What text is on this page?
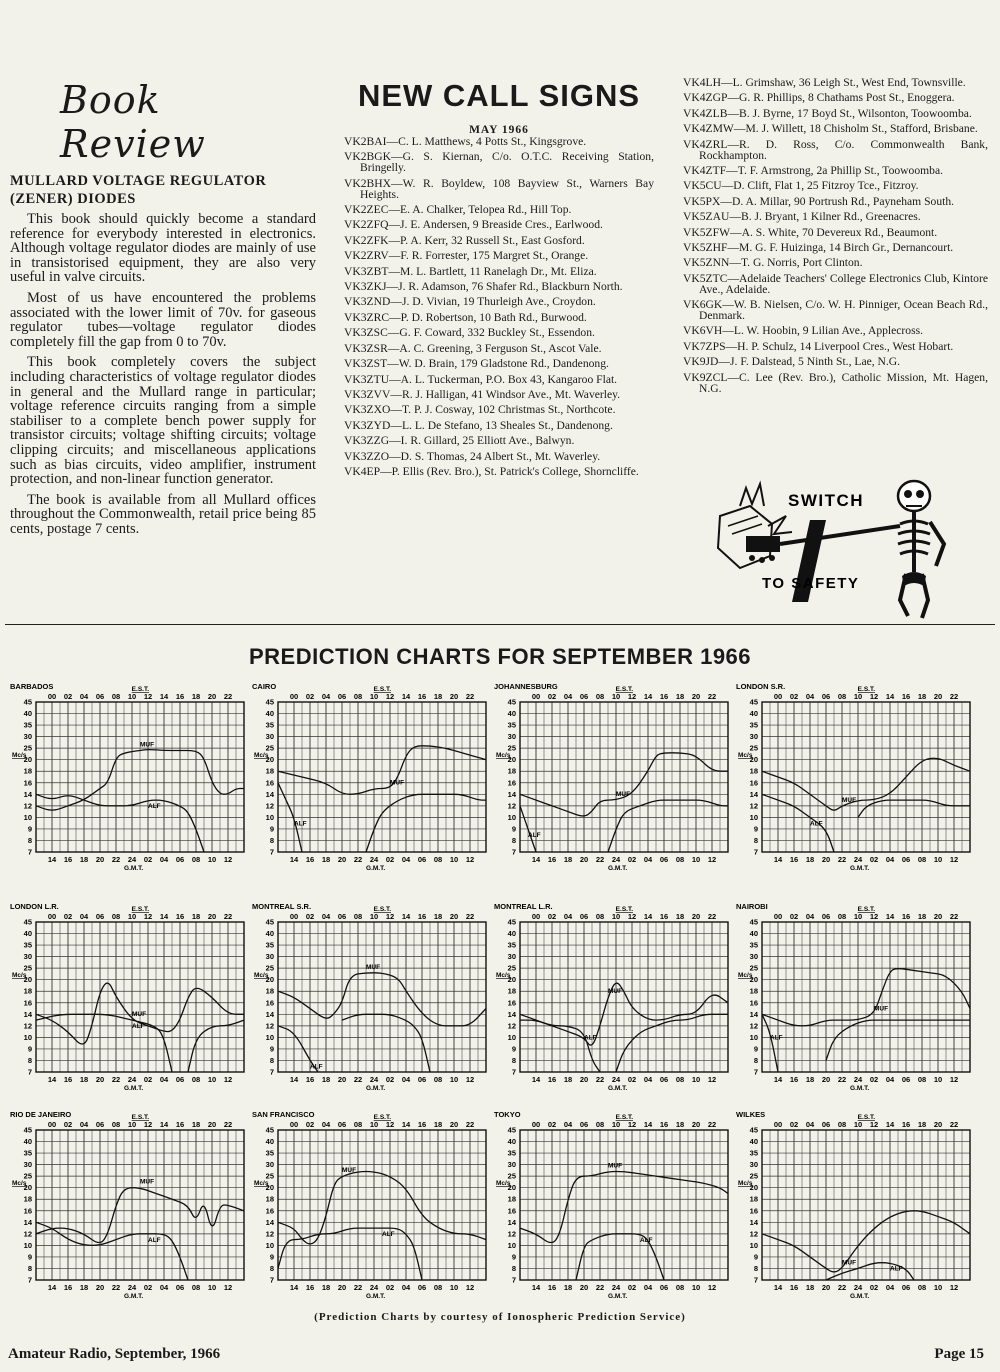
Book Review
MULLARD VOLTAGE REGULATOR (ZENER) DIODES

This book should quickly become a standard reference for everybody interested in electronics. Although voltage regulator diodes are mainly of use in transistorised equipment, they are also very useful in valve circuits.

Most of us have encountered the problems associated with the lower limit of 70v. for gaseous regulator tubes—voltage regulator diodes completely fill the gap from 0 to 70v.

This book completely covers the subject including characteristics of voltage regulator diodes in general and the Mullard range in particular; voltage reference circuits ranging from a simple stabiliser to a complete bench power supply for transistor circuits; voltage shifting circuits; voltage clipping circuits; and miscellaneous applications such as bias circuits, video amplifier, instrument protection, and non-linear function generator.

The book is available from all Mullard offices throughout the Commonwealth, retail price being 85 cents, postage 7 cents.

NEW CALL SIGNS
MAY 1966
VK2BAI—C. L. Matthews, 4 Potts St., Kingsgrove.
VK2BGK—G. S. Kiernan, C/o. O.T.C. Receiving Station, Bringelly.
VK2BHX—W. R. Boyldew, 108 Bayview St., Warners Bay Heights.
VK2ZEC—E. A. Chalker, Telopea Rd., Hill Top.
VK2ZFQ—J. E. Andersen, 9 Breaside Cres., Earlwood.
VK2ZFK—P. A. Kerr, 32 Russell St., East Gosford.
VK2ZRV—F. R. Forrester, 175 Margret St., Orange.
VK3ZBT—M. L. Bartlett, 11 Ranelagh Dr., Mt. Eliza.
VK3ZKJ—J. R. Adamson, 76 Shafer Rd., Blackburn North.
VK3ZND—J. D. Vivian, 19 Thurleigh Ave., Croydon.
VK3ZRC—P. D. Robertson, 10 Bath Rd., Burwood.
VK3ZSC—G. F. Coward, 332 Buckley St., Essendon.
VK3ZSR—A. C. Greening, 3 Ferguson St., Ascot Vale.
VK3ZST—W. D. Brain, 179 Gladstone Rd., Dandenong.
VK3ZTU—A. L. Tuckerman, P.O. Box 43, Kangaroo Flat.
VK3ZVV—R. J. Halligan, 41 Windsor Ave., Mt. Waverley.
VK3ZXO—T. P. J. Cosway, 102 Christmas St., Northcote.
VK3ZYD—L. L. De Stefano, 13 Sheales St., Dandenong.
VK3ZZG—I. R. Gillard, 25 Elliott Ave., Balwyn.
VK3ZZO—D. S. Thomas, 24 Albert St., Mt. Waverley.
VK4EP—P. Ellis (Rev. Bro.), St. Patrick's College, Shorncliffe.
VK4LH—L. Grimshaw, 36 Leigh St., West End, Townsville.
VK4ZGP—G. R. Phillips, 8 Chathams Post St., Enoggera.
VK4ZLB—B. J. Byrne, 17 Boyd St., Wilsonton, Toowoomba.
VK4ZMW—M. J. Willett, 18 Chisholm St., Stafford, Brisbane.
VK4ZRL—R. D. Ross, C/o. Commonwealth Bank, Rockhampton.
VK4ZTF—T. F. Armstrong, 2a Phillip St., Toowoomba.
VK5CU—D. Clift, Flat 1, 25 Fitzroy Tce., Fitzroy.
VK5PX—D. A. Millar, 90 Portrush Rd., Payneham South.
VK5ZAU—B. J. Bryant, 1 Kilner Rd., Greenacres.
VK5ZFW—A. S. White, 70 Devereux Rd., Beaumont.
VK5ZHF—M. G. F. Huizinga, 14 Birch Gr., Dernancourt.
VK5ZNN—T. G. Norris, Port Clinton.
VK5ZTC—Adelaide Teachers' College Electronics Club, Kintore Ave., Adelaide.
VK6GK—W. B. Nielsen, C/o. W. H. Pinniger, Ocean Beach Rd., Denmark.
VK6VH—L. W. Hoobin, 9 Lilian Ave., Applecross.
VK7ZPS—H. P. Schulz, 14 Liverpool Cres., West Hobart.
VK9JD—J. F. Dalstead, 5 Ninth St., Lae, N.G.
VK9ZCL—C. Lee (Rev. Bro.), Catholic Mission, Mt. Hagen, N.G.
SWITCH
TO SAFETY
PREDICTION CHARTS FOR SEPTEMBER 1966
BARBADOS	E.S.T.
45
40
35
30
25
20
18
16
14
12
10
9
8
7
Mc/s
00 02 04 06 08 10 12 14 16 18 20 22
14 16 18 20 22 24 02 04 06 08 10 12
G.M.T.
MUF
ALF
CAIRO	E.S.T.
45
40
35
30
25
20
18
16
14
12
10
9
8
7
Mc/s
00 02 04 06 08 10 12 14 16 18 20 22
14 16 18 20 22 24 02 04 06 08 10 12
G.M.T.
MUF
ALF
JOHANNESBURG	E.S.T.
45
40
35
30
25
20
18
16
14
12
10
9
8
7
Mc/s
00 02 04 06 08 10 12 14 16 18 20 22
14 16 18 20 22 24 02 04 06 08 10 12
G.M.T.
MUF
ALF
LONDON S.R.	E.S.T.
45
40
35
30
25
20
18
16
14
12
10
9
8
7
Mc/s
00 02 04 06 08 10 12 14 16 18 20 22
14 16 18 20 22 24 02 04 06 08 10 12
G.M.T.
MUF
ALF
LONDON L.R.	E.S.T.
45
40
35
30
25
20
18
16
14
12
10
9
8
7
Mc/s
00 02 04 06 08 10 12 14 16 18 20 22
14 16 18 20 22 24 02 04 06 08 10 12
G.M.T.
MUF
ALF
MONTREAL S.R.	E.S.T.
45
40
35
30
25
20
18
16
14
12
10
9
8
7
Mc/s
00 02 04 06 08 10 12 14 16 18 20 22
14 16 18 20 22 24 02 04 06 08 10 12
G.M.T.
MUF
ALF
MONTREAL L.R.	E.S.T.
45
40
35
30
25
20
18
16
14
12
10
9
8
7
Mc/s
00 02 04 06 08 10 12 14 16 18 20 22
14 16 18 20 22 24 02 04 06 08 10 12
G.M.T.
MUF
ALF
NAIROBI	E.S.T.
45
40
35
30
25
20
18
16
14
12
10
9
8
7
Mc/s
00 02 04 06 08 10 12 14 16 18 20 22
14 16 18 20 22 24 02 04 06 08 10 12
G.M.T.
MUF
ALF
RIO DE JANEIRO	E.S.T.
45
40
35
30
25
20
18
16
14
12
10
9
8
7
Mc/s
00 02 04 06 08 10 12 14 16 18 20 22
14 16 18 20 22 24 02 04 06 08 10 12
G.M.T.
MUF
ALF
SAN FRANCISCO	E.S.T.
45
40
35
30
25
20
18
16
14
12
10
9
8
7
Mc/s
00 02 04 06 08 10 12 14 16 18 20 22
14 16 18 20 22 24 02 04 06 08 10 12
G.M.T.
MUF
ALF
TOKYO	E.S.T.
45
40
35
30
25
20
18
16
14
12
10
9
8
7
Mc/s
00 02 04 06 08 10 12 14 16 18 20 22
14 16 18 20 22 24 02 04 06 08 10 12
G.M.T.
MUF
ALF
WILKES	E.S.T.
45
40
35
30
25
20
18
16
14
12
10
9
8
7
Mc/s
00 02 04 06 08 10 12 14 16 18 20 22
14 16 18 20 22 24 02 04 06 08 10 12
G.M.T.
MUF
ALF
(Prediction Charts by courtesy of Ionospheric Prediction Service)
Amateur Radio, September, 1966	Page 15
